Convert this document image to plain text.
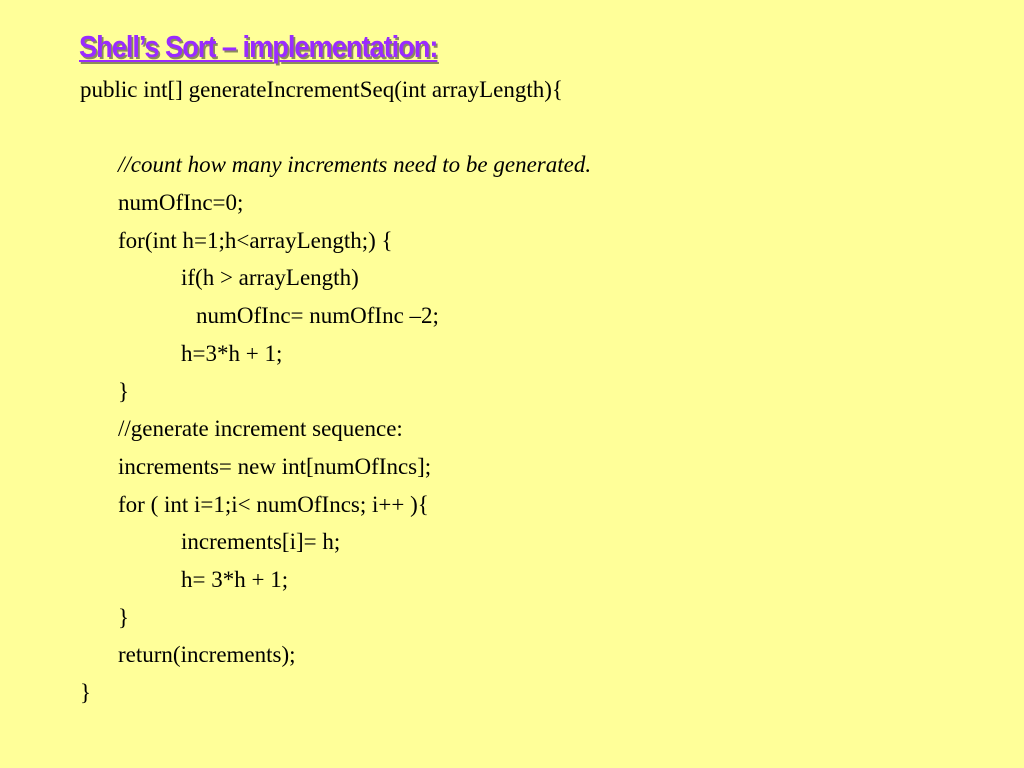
Shell’s Sort – implementation:
public int[] generateIncrementSeq(int arrayLength){
//count how many increments need to be generated.
numOfInc=0;
for(int h=1;h<arrayLength;) {
if(h > arrayLength)
numOfInc= numOfInc –2;
h=3*h + 1;
}
//generate increment sequence:
increments= new int[numOfIncs];
for ( int i=1;i< numOfIncs; i++ ){
increments[i]= h;
h= 3*h + 1;
}
return(increments);
}
